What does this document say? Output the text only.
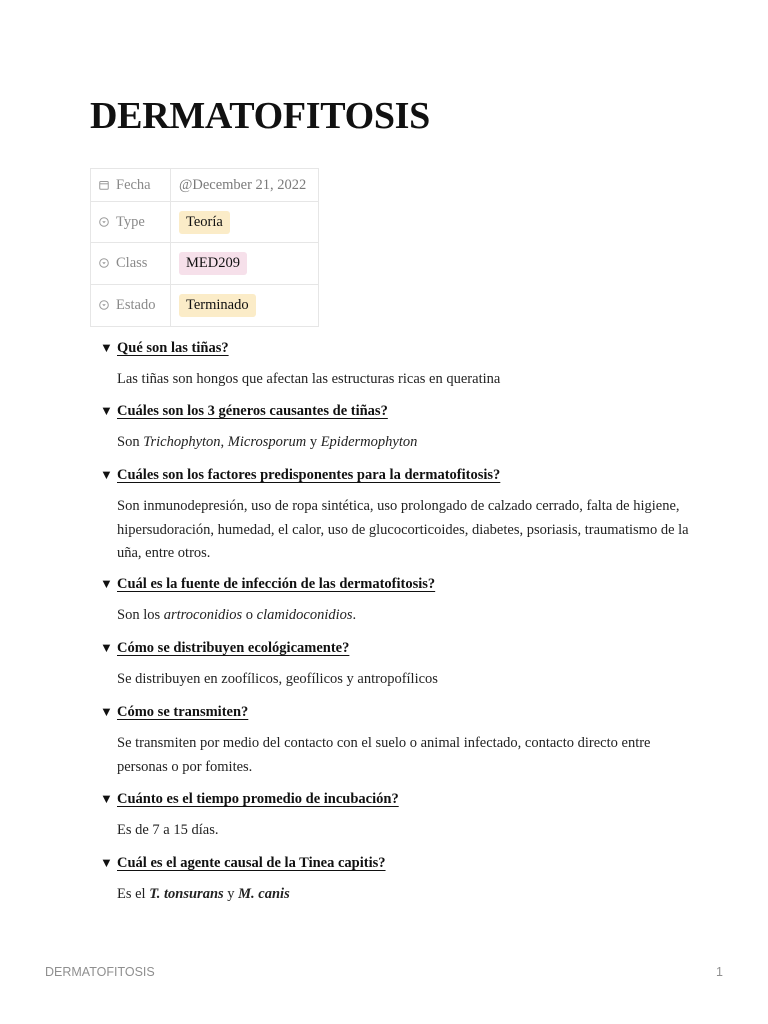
DERMATOFITOSIS
Fecha	@December 21, 2022

Type	Teoría

Class	MED209

Estado	Terminado
▼ Qué son las tiñas?
Las tiñas son hongos que afectan las estructuras ricas en queratina
▼ Cuáles son los 3 géneros causantes de tiñas?
Son Trichophyton, Microsporum y Epidermophyton
▼ Cuáles son los factores predisponentes para la dermatofitosis?
Son inmunodepresión, uso de ropa sintética, uso prolongado de calzado cerrado, falta de higiene, hipersudoración, humedad, el calor, uso de glucocorticoides, diabetes, psoriasis, traumatismo de la uña, entre otros.
▼ Cuál es la fuente de infección de las dermatofitosis?
Son los artroconidios o clamidoconidios.
▼ Cómo se distribuyen ecológicamente?
Se distribuyen en zoofílicos, geofílicos y antropofílicos
▼ Cómo se transmiten?
Se transmiten por medio del contacto con el suelo o animal infectado, contacto directo entre personas o por fomites.
▼ Cuánto es el tiempo promedio de incubación?
Es de 7 a 15 días.
▼ Cuál es el agente causal de la Tinea capitis?
Es el T. tonsurans y M. canis
DERMATOFITOSIS	1
